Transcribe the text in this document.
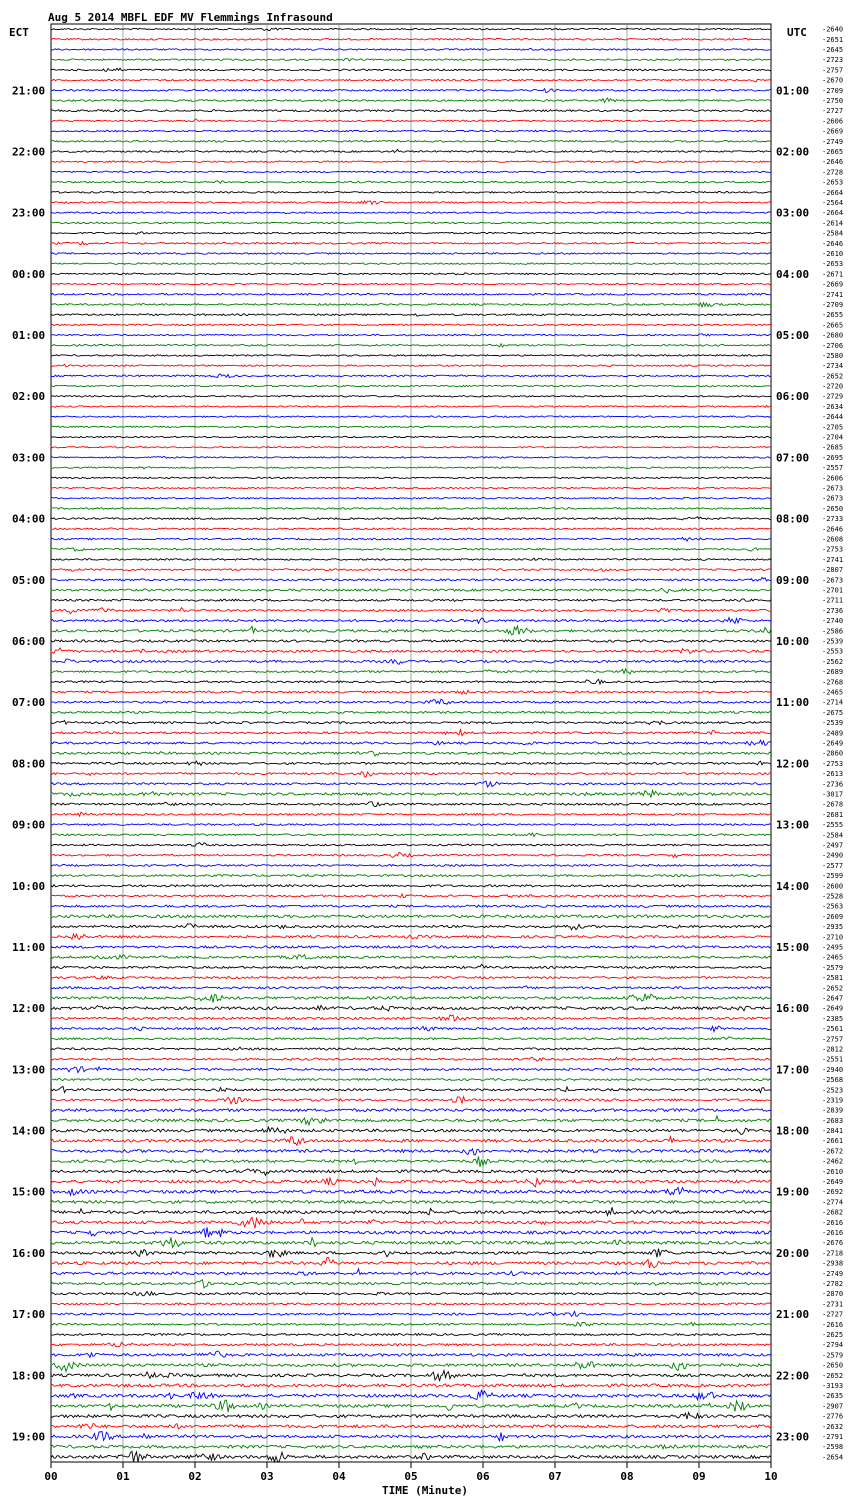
Aug 5 2014 MBFL EDF MV Flemmings Infrasound
ECT	UTC
21:00
22:00
23:00
00:00
01:00
02:00
03:00
04:00
05:00
06:00
07:00
08:00
09:00
10:00
11:00
12:00
13:00
14:00
15:00
16:00
17:00
18:00
19:00
01:00
02:00
03:00
04:00
05:00
06:00
07:00
08:00
09:00
10:00
11:00
12:00
13:00
14:00
15:00
16:00
17:00
18:00
19:00
20:00
21:00
22:00
23:00
-2640
-2651
-2645
-2723
-2757
-2670
-2709
-2750
-2727
-2606
-2669
-2749
-2665
-2646
-2728
-2653
-2664
-2564
-2664
-2614
-2584
-2646
-2610
-2653
-2671
-2669
-2741
-2709
-2655
-2665
-2680
-2706
-2580
-2734
-2652
-2720
-2729
-2634
-2644
-2705
-2704
-2685
-2695
-2557
-2606
-2673
-2673
-2650
-2733
-2646
-2608
-2753
-2741
-2807
-2673
-2701
-2711
-2736
-2740
-2586
-2539
-2553
-2562
-2689
-2768
-2465
-2714
-2675
-2539
-2489
-2649
-2860
-2753
-2613
-2736
-3017
-2678
-2681
-2555
-2584
-2497
-2490
-2577
-2599
-2600
-2528
-2563
-2609
-2935
-2710
-2495
-2465
-2579
-2581
-2652
-2647
-2649
-2385
-2561
-2757
-2812
-2551
-2940
-2568
-2523
-2319
-2839
-2683
-2841
-2661
-2672
-2462
-2610
-2649
-2692
-2774
-2682
-2616
-2616
-2676
-2718
-2938
-2749
-2782
-2870
-2731
-2727
-2616
-2625
-2794
-2579
-2650
-2652
-3193
-2635
-2907
-2776
-2632
-2791
-2598
-2654
00	01	02	03	04	05	06	07	08	09	10
TIME (Minute)
